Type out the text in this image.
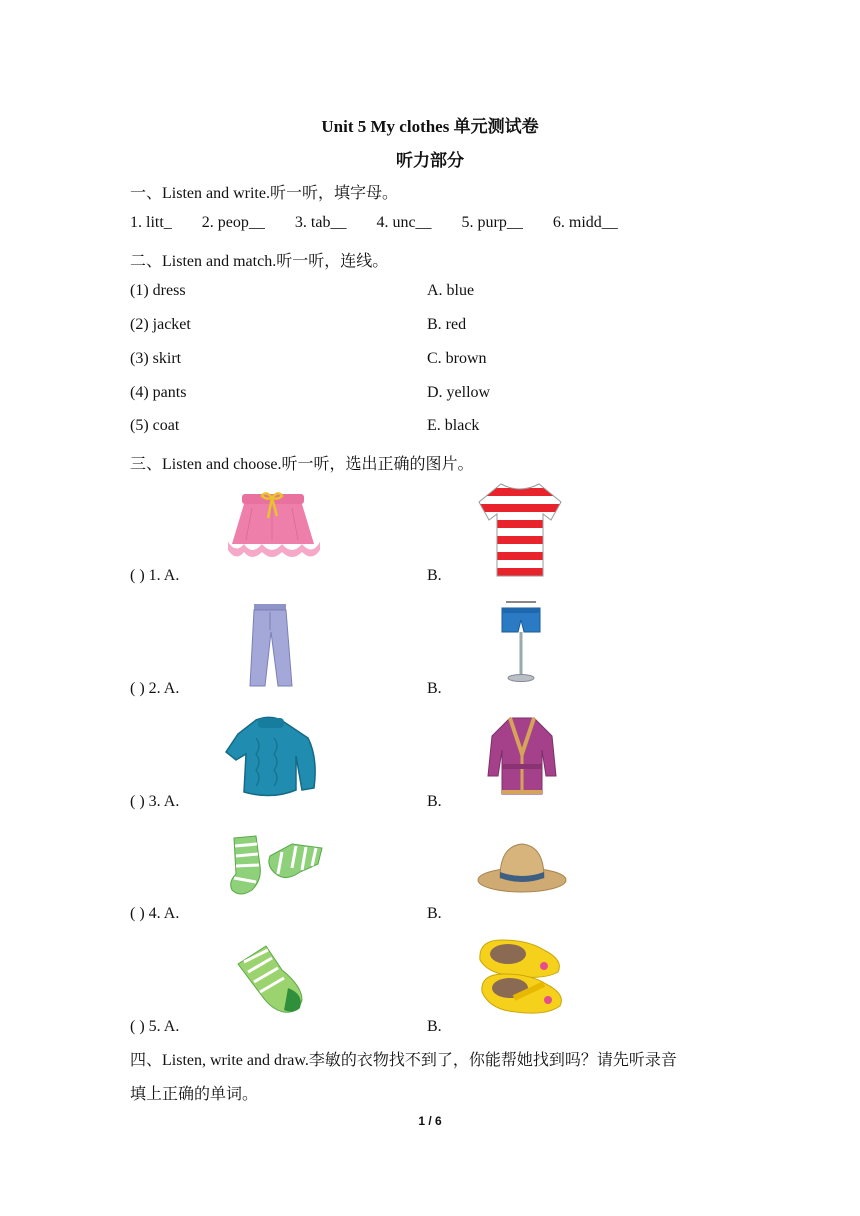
Unit 5 My clothes 单元测试卷
听力部分
一、Listen and write.听一听，填字母。
1. litt_ 2. peop__ 3. tab__ 4. unc__ 5. purp__ 6. midd__
二、Listen and match.听一听，连线。
(1) dress	A. blue
(2) jacket	B. red
(3) skirt	C. brown
(4) pants	D. yellow
(5) coat	E. black
三、Listen and choose.听一听，选出正确的图片。
( ) 1. A.	B.
( ) 2. A.	B.
( ) 3. A.	B.
( ) 4. A.	B.
( ) 5. A.	B.
四、Listen, write and draw.李敏的衣物找不到了，你能帮她找到吗？请先听录音
填上正确的单词。
1 / 6
